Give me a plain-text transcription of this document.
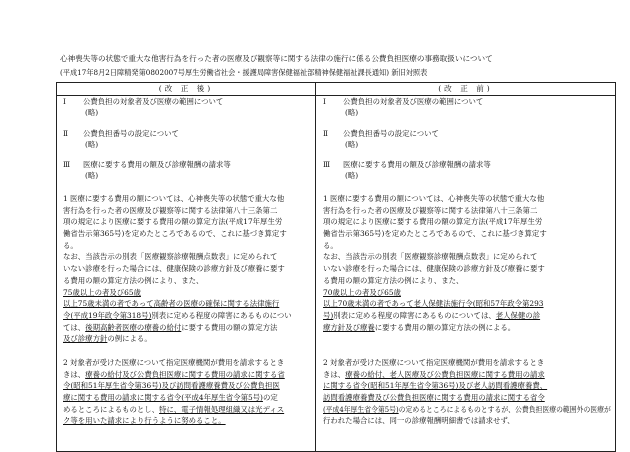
心神喪失等の状態で重大な他害行為を行った者の医療及び観察等に関する法律の施行に係る公費負担医療の事務取扱いについて
(平成17年8月2日障精発第0802007号厚生労働省社会・援護局障害保健福祉部精神保健福祉課長通知) 新旧対照表
(改 正 後)	(改 正 前)
I 公費負担の対象者及び医療の範囲について
(略)
Ⅱ 公費負担番号の設定について
(略)
Ⅲ 医療に要する費用の額及び診療報酬の請求等
(略)
1 医療に要する費用の額については、心神喪失等の状態で重大な他
害行為を行った者の医療及び観察等に関する法律第八十三条第二
項の規定により医療に要する費用の額の算定方法(平成17年厚生労
働省告示第365号)を定めたところであるので、これに基づき算定す
る。
なお、当該告示の別表「医療観察診療報酬点数表」に定められて
いない診療を行った場合には、健康保険の診療方針及び療養に要す
る費用の額の算定方法の例により、また、
75歳以上の者及び65歳
以上75歳未満の者であって高齢者の医療の確保に関する法律施行
令(平成19年政令第318号)別表に定める程度の障害にあるものについ
ては、後期高齢者医療の療養の給付に要する費用の額の算定方法
及び診療方針の例による。
2 対象者が受けた医療について指定医療機関が費用を請求するとき
きは、療養の給付及び公費負担医療に関する費用の請求に関する省
令(昭和51年厚生省令第36号)及び訪問看護療養費及び公費負担医
療に関する費用の請求に関する省令(平成4年厚生省令第5号)の定
めるところによるものとし、特に、電子情報処理組織又は光ディス
ク等を用いた請求により行うように努めること。
I 公費負担の対象者及び医療の範囲について
(略)
Ⅱ 公費負担番号の設定について
(略)
Ⅲ 医療に要する費用の額及び診療報酬の請求等
(略)
1 医療に要する費用の額については、心神喪失等の状態で重大な他
害行為を行った者の医療及び観察等に関する法律第八十三条第二
項の規定により医療に要する費用の額の算定方法(平成17年厚生労
働省告示第365号)を定めたところであるので、これに基づき算定す
る。
なお、当該告示の別表「医療観察診療報酬点数表」に定められて
いない診療を行った場合には、健康保険の診療方針及び療養に要す
る費用の額の算定方法の例により、また、
70歳以上の者及び65歳
以上70歳未満の者であって老人保健法施行令(昭和57年政令第293
号)別表に定める程度の障害にあるものについては、老人保健の診
療方針及び療養に要する費用の額の算定方法の例による。
2 対象者が受けた医療について指定医療機関が費用を請求するとき
きは、療養の給付、老人医療及び公費負担医療に関する費用の請求
に関する省令(昭和51年厚生省令第36号)及び老人訪問看護療養費、
訪問看護療養費及び公費負担医療に関する費用の請求に関する省令
(平成4年厚生省令第5号)の定めるところによるものとするが、公費負担医療の範囲外の医療が
行われた場合には、同一の診療報酬明細書では請求せず、
